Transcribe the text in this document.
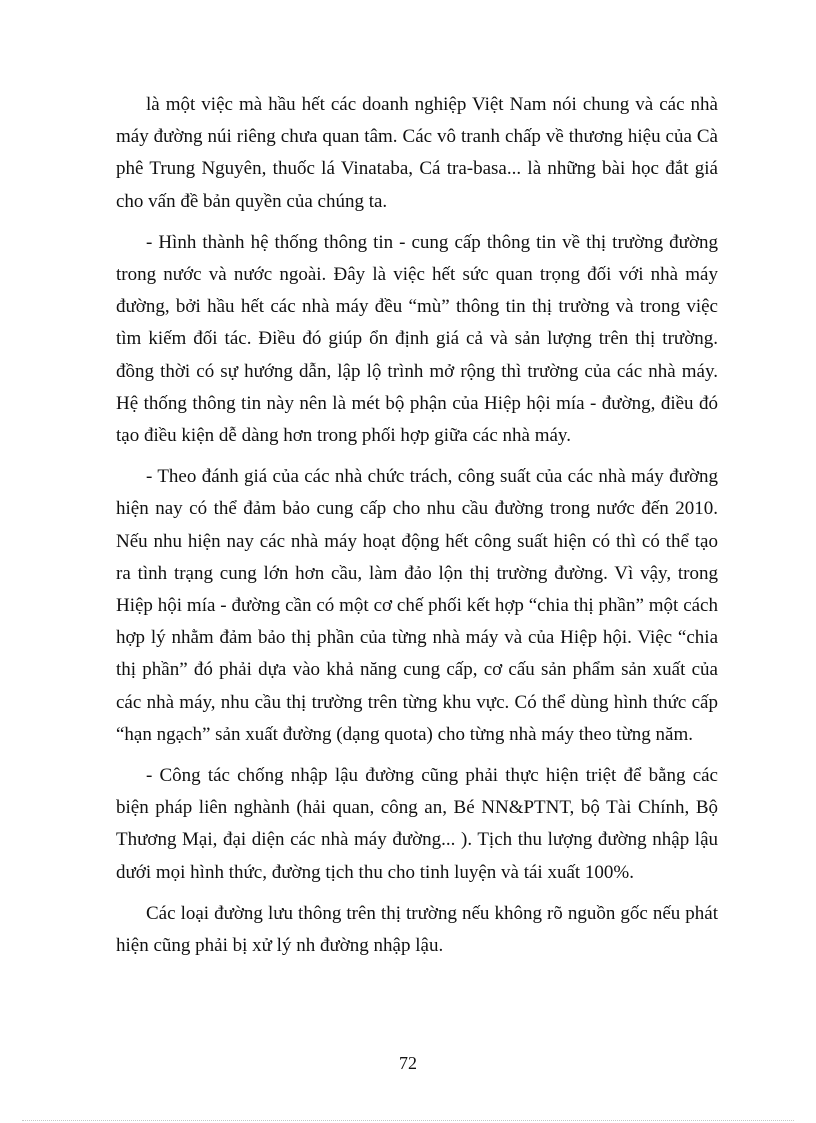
là một việc mà hầu hết các doanh nghiệp Việt Nam nói chung và các nhà máy đường núi riêng chưa quan tâm. Các vô tranh chấp về thương hiệu của Cà phê Trung Nguyên, thuốc lá Vinataba, Cá tra-basa... là những bài học đắt giá cho vấn đề bản quyền của chúng ta.

- Hình thành hệ thống thông tin - cung cấp thông tin về thị trường đường trong nước và nước ngoài. Đây là việc hết sức quan trọng đối với nhà máy đường, bởi hầu hết các nhà máy đều “mù” thông tin thị trường và trong việc tìm kiếm đối tác. Điều đó giúp ổn định giá cả và sản lượng trên thị trường. đồng thời có sự hướng dẫn, lập lộ trình mở rộng thì trường của các nhà máy. Hệ thống thông tin này nên là mét bộ phận của Hiệp hội mía - đường, điều đó tạo điều kiện dễ dàng hơn trong phối hợp giữa các nhà máy.

- Theo đánh giá của các nhà chức trách, công suất của các nhà máy đường hiện nay có thể đảm bảo cung cấp cho nhu cầu đường trong nước đến 2010. Nếu nhu hiện nay các nhà máy hoạt động hết công suất hiện có thì có thể tạo ra tình trạng cung lớn hơn cầu, làm đảo lộn thị trường đường. Vì vậy, trong Hiệp hội mía - đường cần có một cơ chế phối kết hợp “chia thị phần” một cách hợp lý nhằm đảm bảo thị phần của từng nhà máy và của Hiệp hội. Việc “chia thị phần” đó phải dựa vào khả năng cung cấp, cơ cấu sản phẩm sản xuất của các nhà máy, nhu cầu thị trường trên từng khu vực. Có thể dùng hình thức cấp “hạn ngạch” sản xuất đường (dạng quota) cho từng nhà máy theo từng năm.

- Công tác chống nhập lậu đường cũng phải thực hiện triệt để bằng các biện pháp liên nghành (hải quan, công an, Bé NN&PTNT, bộ Tài Chính, Bộ Thương Mại, đại diện các nhà máy đường... ). Tịch thu lượng đường nhập lậu dưới mọi hình thức, đường tịch thu cho tinh luyện và tái xuất 100%.

Các loại đường lưu thông trên thị trường nếu không rõ nguồn gốc nếu phát hiện cũng phải bị xử lý nh đường nhập lậu.

72
